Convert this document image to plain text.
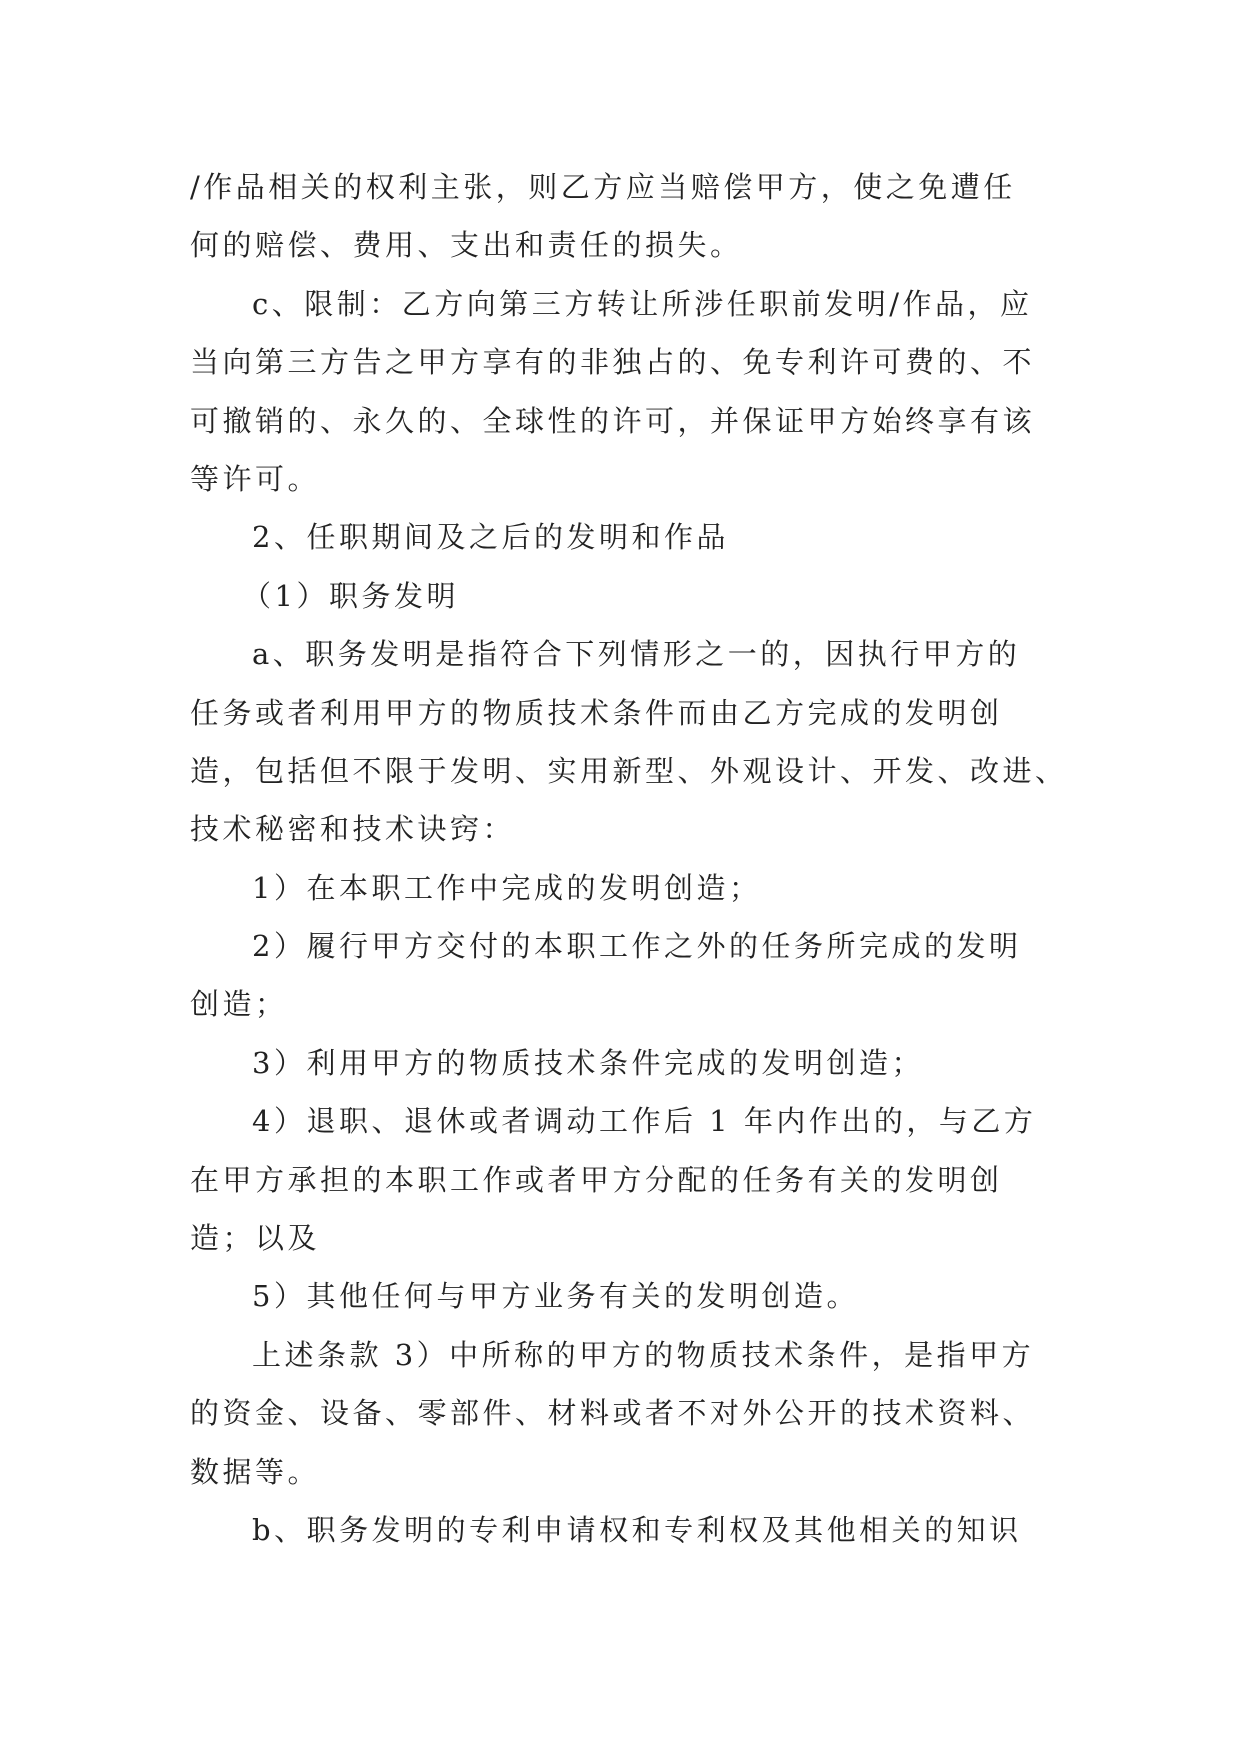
/作品相关的权利主张，则乙方应当赔偿甲方，使之免遭任
何的赔偿、费用、支出和责任的损失。
c、限制：乙方向第三方转让所涉任职前发明/作品，应
当向第三方告之甲方享有的非独占的、免专利许可费的、不
可撤销的、永久的、全球性的许可，并保证甲方始终享有该
等许可。
2、任职期间及之后的发明和作品
（1）职务发明
a、职务发明是指符合下列情形之一的，因执行甲方的
任务或者利用甲方的物质技术条件而由乙方完成的发明创
造，包括但不限于发明、实用新型、外观设计、开发、改进、
技术秘密和技术诀窍：
1）在本职工作中完成的发明创造；
2）履行甲方交付的本职工作之外的任务所完成的发明
创造；
3）利用甲方的物质技术条件完成的发明创造；
4）退职、退休或者调动工作后 1 年内作出的，与乙方
在甲方承担的本职工作或者甲方分配的任务有关的发明创
造；以及
5）其他任何与甲方业务有关的发明创造。
上述条款 3）中所称的甲方的物质技术条件，是指甲方
的资金、设备、零部件、材料或者不对外公开的技术资料、
数据等。
b、职务发明的专利申请权和专利权及其他相关的知识
